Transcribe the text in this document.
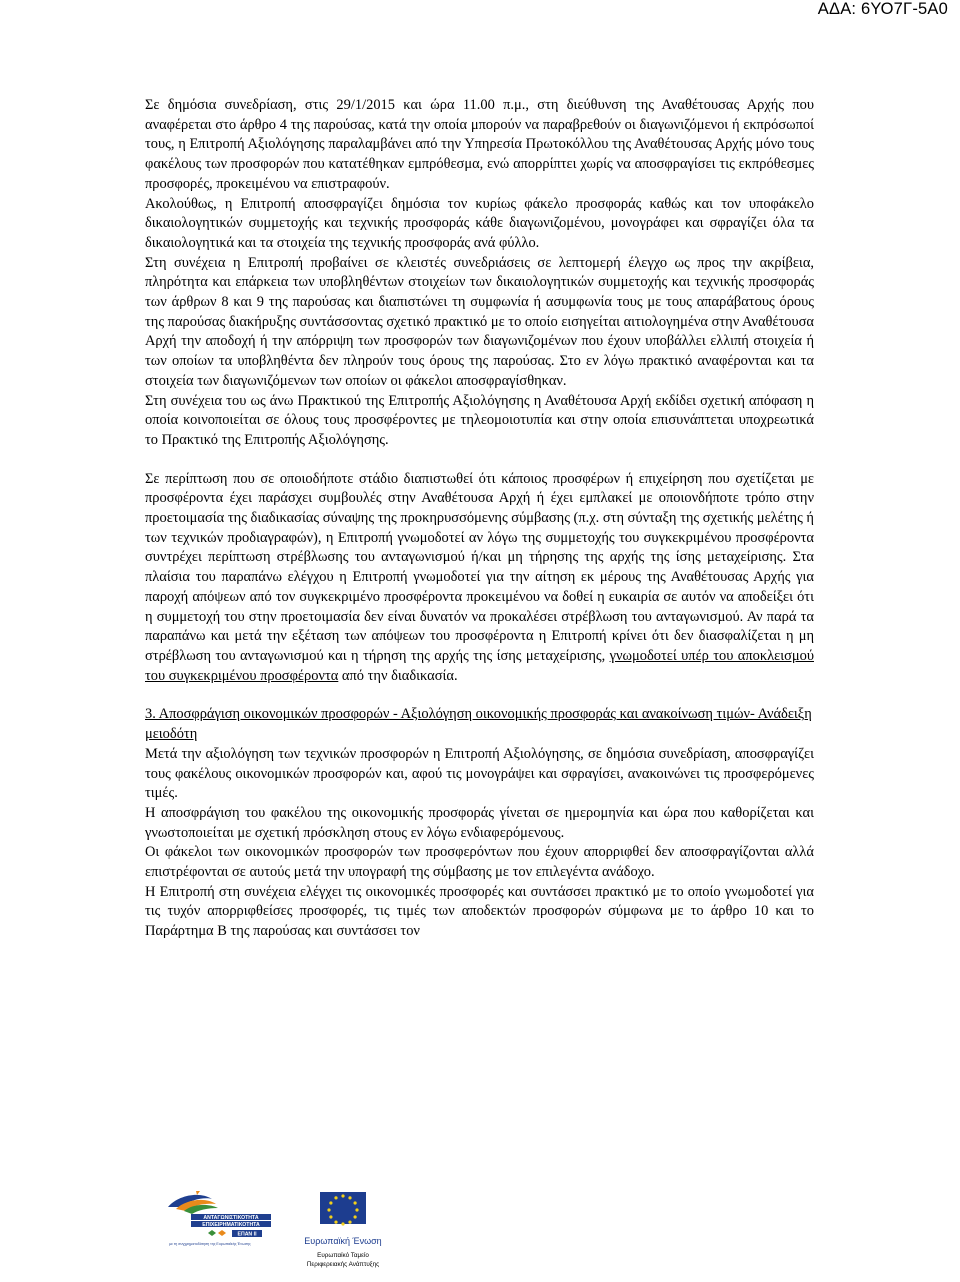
ΑΔΑ: 6ΥΟ7Γ-5Α0

Σε δημόσια συνεδρίαση, στις 29/1/2015 και ώρα 11.00 π.μ., στη διεύθυνση της Αναθέτουσας Αρχής που αναφέρεται στο άρθρο 4 της παρούσας, κατά την οποία μπορούν να παραβρεθούν οι διαγωνιζόμενοι ή εκπρόσωποί τους, η Επιτροπή Αξιολόγησης παραλαμβάνει από την Υπηρεσία Πρωτοκόλλου της Αναθέτουσας Αρχής μόνο τους φακέλους των προσφορών που κατατέθηκαν εμπρόθεσμα, ενώ απορρίπτει χωρίς να αποσφραγίσει τις εκπρόθεσμες προσφορές, προκειμένου να επιστραφούν.

Ακολούθως, η Επιτροπή αποσφραγίζει δημόσια τον κυρίως φάκελο προσφοράς καθώς και τον υποφάκελο δικαιολογητικών συμμετοχής και τεχνικής προσφοράς κάθε διαγωνιζομένου, μονογράφει και σφραγίζει όλα τα δικαιολογητικά και τα στοιχεία της τεχνικής προσφοράς ανά φύλλο.

Στη συνέχεια η Επιτροπή προβαίνει σε κλειστές συνεδριάσεις σε λεπτομερή έλεγχο ως προς την ακρίβεια, πληρότητα και επάρκεια των υποβληθέντων στοιχείων των δικαιολογητικών συμμετοχής και τεχνικής προσφοράς των άρθρων 8 και 9 της παρούσας και διαπιστώνει τη συμφωνία ή ασυμφωνία τους με τους απαράβατους όρους της παρούσας διακήρυξης συντάσσοντας σχετικό πρακτικό με το οποίο εισηγείται αιτιολογημένα στην Αναθέτουσα Αρχή την αποδοχή ή την απόρριψη των προσφορών των διαγωνιζομένων που έχουν υποβάλλει ελλιπή στοιχεία ή των οποίων τα υποβληθέντα δεν πληρούν τους όρους της παρούσας. Στο εν λόγω πρακτικό αναφέρονται και τα στοιχεία των διαγωνιζόμενων των οποίων οι φάκελοι αποσφραγίσθηκαν.

Στη συνέχεια του ως άνω Πρακτικού της Επιτροπής Αξιολόγησης η Αναθέτουσα Αρχή εκδίδει σχετική απόφαση η οποία κοινοποιείται σε όλους τους προσφέροντες με τηλεομοιοτυπία και στην οποία επισυνάπτεται υποχρεωτικά το Πρακτικό της Επιτροπής Αξιολόγησης.

Σε περίπτωση που σε οποιοδήποτε στάδιο διαπιστωθεί ότι κάποιος προσφέρων ή επιχείρηση που σχετίζεται με προσφέροντα έχει παράσχει συμβουλές στην Αναθέτουσα Αρχή ή έχει εμπλακεί με οποιονδήποτε τρόπο στην προετοιμασία της διαδικασίας σύναψης της προκηρυσσόμενης σύμβασης (π.χ. στη σύνταξη της σχετικής μελέτης ή των τεχνικών προδιαγραφών), η Επιτροπή γνωμοδοτεί αν λόγω της συμμετοχής του συγκεκριμένου προσφέροντα συντρέχει περίπτωση στρέβλωσης του ανταγωνισμού ή/και μη τήρησης της αρχής της ίσης μεταχείρισης. Στα πλαίσια του παραπάνω ελέγχου η Επιτροπή γνωμοδοτεί για την αίτηση εκ μέρους της Αναθέτουσας Αρχής για παροχή απόψεων από τον συγκεκριμένο προσφέροντα προκειμένου να δοθεί η ευκαιρία σε αυτόν να αποδείξει ότι η συμμετοχή του στην προετοιμασία δεν είναι δυνατόν να προκαλέσει στρέβλωση του ανταγωνισμού. Αν παρά τα παραπάνω και μετά την εξέταση των απόψεων του προσφέροντα η Επιτροπή κρίνει ότι δεν διασφαλίζεται η μη στρέβλωση του ανταγωνισμού και η τήρηση της αρχής της ίσης μεταχείρισης, γνωμοδοτεί υπέρ του αποκλεισμού του συγκεκριμένου προσφέροντα από την διαδικασία.

3. Αποσφράγιση οικονομικών προσφορών - Αξιολόγηση οικονομικής προσφοράς και ανακοίνωση τιμών- Ανάδειξη μειοδότη

Μετά την αξιολόγηση των τεχνικών προσφορών η Επιτροπή Αξιολόγησης, σε δημόσια συνεδρίαση, αποσφραγίζει τους φακέλους οικονομικών προσφορών και, αφού τις μονογράψει και σφραγίσει, ανακοινώνει τις προσφερόμενες τιμές.

Η αποσφράγιση του φακέλου της οικονομικής προσφοράς γίνεται σε ημερομηνία και ώρα που καθορίζεται και γνωστοποιείται με σχετική πρόσκληση στους εν λόγω ενδιαφερόμενους.

Οι φάκελοι των οικονομικών προσφορών των προσφερόντων που έχουν απορριφθεί δεν αποσφραγίζονται αλλά επιστρέφονται σε αυτούς μετά την υπογραφή της σύμβασης με τον επιλεγέντα ανάδοχο.

Η Επιτροπή στη συνέχεια ελέγχει τις οικονομικές προσφορές και συντάσσει πρακτικό με το οποίο γνωμοδοτεί για τις τυχόν απορριφθείσες προσφορές, τις τιμές των αποδεκτών προσφορών σύμφωνα με το άρθρο 10 και το Παράρτημα Β της παρούσας και συντάσσει τον

ΑΝΤΑΓΩΝΙΣΤΙΚΟΤΗΤΑ
ΕΠΙΧΕΙΡΗΜΑΤΙΚΟΤΗΤΑ
ΕΠΑΝ ΙΙ
με τη συγχρηματοδότηση της Ευρωπαϊκής Ένωσης	Ευρωπαϊκή Ένωση
Ευρωπαϊκό Ταμείο
Περιφερειακής Ανάπτυξης
